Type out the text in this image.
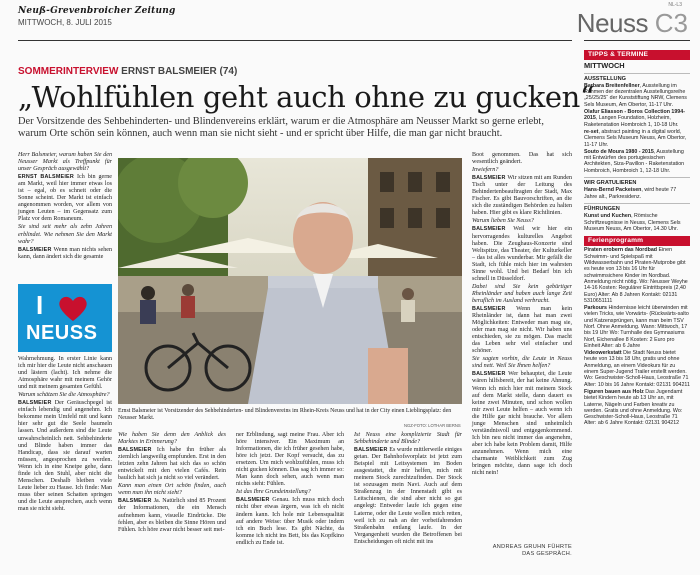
Neuß-Grevenbroicher Zeitung
MITTWOCH, 8. JULI 2015	Neuss C3
NL-L3
SOMMERINTERVIEW ERNST BALSMEIER (74)
„Wohlfühlen geht auch ohne zu gucken“
Der Vorsitzende des Sehbehinderten- und Blindenvereins erklärt, warum er die Atmosphäre am Neusser Markt so gerne erlebt, warum Orte schön sein können, auch wenn man sie nicht sieht - und er spricht über Hilfe, die man gar nicht braucht.

Herr Balsmeier, warum haben Sie den Neusser Markt als Treffpunkt für unser Gespräch ausgewählt?

ERNST BALSMEIER Ich bin gerne am Markt, weil hier immer etwas los ist – egal, ob es schneit oder die Sonne scheint. Der Markt ist einfach angenommen worden, vor allem von jungen Leuten – im Gegensatz zum Platz vor dem Romaneum.

Sie sind seit mehr als zehn Jahren erblindet. Wie nehmen Sie den Markt wahr?

BALSMEIER Wenn man nichts sehen kann, dann ändert sich die gesamte

I
NEUSS

Wahrnehmung. In erster Linie kann ich mir hier die Leute nicht anschauen und lästern (lacht). Ich nehme die Atmosphäre wahr mit meinem Gehör und mit meinem gesamten Gefühl.

Warum schätzen Sie die Atmosphäre?

BALSMEIER Der Geräuschpegel ist einfach lebendig und angenehm. Ich bekomme mein Umfeld mit und kann hier sehr gut die Seele baumeln lassen. Und außerdem sind die Leute unwahrscheinlich nett. Sehbehinderte und Blinde haben immer das Handicap, dass sie darauf warten müssen, angesprochen zu werden. Wenn ich in eine Kneipe gehe, dann finde ich den Stuhl, aber nicht die Menschen. Deshalb bleiben viele Leute lieber zu Hause. Ich finde: Man muss über seinen Schatten springen und die Leute ansprechen, auch wenn man sie nicht sieht.

Ernst Balsmeier ist Vorsitzender des Sehbehinderten- und Blindenvereins im Rhein-Kreis Neuss und hat in der City einen Lieblingsplatz: den Neusser Markt.
NGZ-FOTO: LOTHAR BERNS

Wie haben Sie denn den Anblick des Marktes in Erinnerung?

BALSMEIER Ich habe ihn früher als ziemlich langweilig empfunden. Erst in den letzten zehn Jahren hat sich das so schön entwickelt mit den vielen Cafés. Rein baulich hat sich ja nicht so viel verändert.

Kann man einen Ort schön finden, auch wenn man ihn nicht sieht?

BALSMEIER Ja. Natürlich sind 85 Prozent der Informationen, die ein Mensch aufnehmen kann, visuelle Eindrücke. Die fehlen, aber es bleiben die Sinne Hören und Fühlen. Ich höre zwar nicht besser seit mei-

ner Erblindung, sagt meine Frau. Aber ich höre intensiver. Ein Maximum an Informationen, die ich früher gesehen habe, höre ich jetzt. Der Kopf versucht, das zu ersetzen. Um mich wohlzufühlen, muss ich nicht gucken können. Das sag ich immer so: Man kann doch sehen, auch wenn man nichts sieht: Fühlen.

Ist das Ihre Grundeinstellung?

BALSMEIER Genau. Ich muss mich doch nicht über etwas ärgern, was ich eh nicht ändern kann. Ich hole mir Lebensqualität auf andere Weise: über Musik oder indem ich ein Buch lese. Es gibt Nächte, da komme ich nicht ins Bett, bis das Kopfkino endlich zu Ende ist.

Ist Neuss eine komplizierte Stadt für Sehbehinderte und Blinde?

BALSMEIER Es wurde mittlerweile einiges getan. Der Bahnhofsvorplatz ist jetzt zum Beispiel mit Leitsystemen im Boden ausgestattet, die mir helfen, mich mit meinem Stock zurechtzufinden. Der Stock ist sozusagen mein Navi. Auch auf dem Straßenzug in der Innenstadt gibt es Leitschienen, die sind aber nicht so gut angelegt: Entweder laufe ich gegen eine Laterne, oder die Leute wollen mich retten, weil ich zu nah an der vorbeifahrenden Straßenbahn entlang laufe. In der Vergangenheit wurden die Betroffenen bei Entscheidungen oft nicht mit ins

Boot genommen. Das hat sich wesentlich geändert.

Inwiefern?

BALSMEIER Wir sitzen mit am Runden Tisch unter der Leitung des Behindertenbeauftragten der Stadt, Max Fischer. Es gibt Bauvorschriften, an die sich die zuständigen Behörden zu halten haben. Hier gibt es klare Richtlinien.

Warum lieben Sie Neuss?

BALSMEIER Weil wir hier ein hervorragendes kulturelles Angebot haben. Die Zeughaus-Konzerte sind Weltspitze, das Theater, der Kulturkeller – das ist alles wunderbar. Mir gefällt die Stadt, ich fühle mich hier im wahrsten Sinne wohl. Und bei Bedarf bin ich schnell in Düsseldorf.

Dabei sind Sie kein gebürtiger Rheinländer und haben auch lange Zeit beruflich im Ausland verbracht.

BALSMEIER Wenn man kein Rheinländer ist, dann hat man zwei Möglichkeiten: Entweder man mag sie, oder man mag sie nicht. Wir haben uns entschieden, sie zu mögen. Das macht das Leben sehr viel einfacher und schöner.

Sie sagten vorhin, die Leute in Neuss sind nett. Weil Sie Ihnen helfen?

BALSMEIER Wer behauptet, die Leute wären hilfsbereit, der hat keine Ahnung. Wenn ich mich hier mit meinem Stock auf dem Markt stelle, dann dauert es keine zwei Minuten, und schon wollen mir zwei Leute helfen – auch wenn ich die Hilfe gar nicht brauche. Vor allem junge Menschen sind unheimlich verständnisvoll und entgegenkommend. Ich bin neu nicht immer das angenehm, aber ich habe kein Problem damit, Hilfe anzunehmen. Wenn mich eine charmante Weiblichkeit zum Zug bringen möchte, dann sage ich doch nicht nein!

ANDREAS GRUHN FÜHRTE DAS GESPRÄCH.
TIPPS & TERMINE
MITTWOCH
AUSSTELLUNG
Barbara Breitenfellner, Ausstellung im Rahmen der dezentralen Ausstellungsreihe „25/25/25“ der Kunststiftung NRW, Clemens Sels Museum, Am Obertor, 11-17 Uhr.
Olafur Eliasson - Boros Collection 1994-2015, Langen Foundation, Holzheim, Raketenstation Hombroich 1, 10-18 Uhr.
re-set, abstract painting in a digital world, Clemens Sels Museum Neuss, Am Obertor, 11-17 Uhr.
Souto de Moura 1980 - 2015, Ausstellung mit Entwürfen des portugiesischen Architekten, Siza-Pavillon - Raketenstation Hombroich, Hombroich 1, 12-18 Uhr.
WIR GRATULIEREN
Hans-Bernd Packeisen, wird heute 77 Jahre alt., Parkresidenz.
FÜHRUNGEN
Kunst und Kuchen, Römische Schriftzeugnisse in Neuss, Clemens Sels Museum Neuss, Am Obertor, 14.30 Uhr.
Ferienprogramm
Piraten erobern das Nordbad Einen Schwimm- und Spielspaß mit Wildwasserbahn und Piraten-Mutprobe gibt es heute von 13 bis 16 Uhr für schwimmsichere Kinder im Nordbad. Anmeldung nicht nötig. Wo: Neusser Weyhe 14-16 Kosten: Regulärer Eintrittspreis (2,40 Euro) Alter: Ab 8 Jahren Kontakt: 02131 5310651111
Parkours Hindernisse leicht überwinden mit vielen Tricks, wie Vorwärts- (Rückwärts-salto und Katzensprüngen, kann man beim TSV Norf. Ohne Anmeldung. Wann: Mittwoch, 17 bis 19 Uhr Wo: Turnhalle des Gymnasiums Norf, Eichenallee 8 Kosten: 2 Euro pro Einheit Alter: ab 6 Jahre
Videowerkstatt Die Stadt Neuss bietet heute von 13 bis 18 Uhr, gratis und ohne Anmeldung, an einem Videokurs für zu einem Super-Jugend Trailer erstellt werden. Wo: Geschwister-Scholl-Haus, Leostraße 71 Alter: 10 bis 16 Jahre Kontakt: 02131 904211
Figuren bauen aus Holz Das Jugendamt bietet Kindern heute ab 13 Uhr an, mit Laterne, Nägeln und Farben kreativ zu werden. Gratis und ohne Anmeldung. Wo: Geschwister-Scholl-Haus, Leostraße 71 Alter: ab 6 Jahre Kontakt: 02131 904212
